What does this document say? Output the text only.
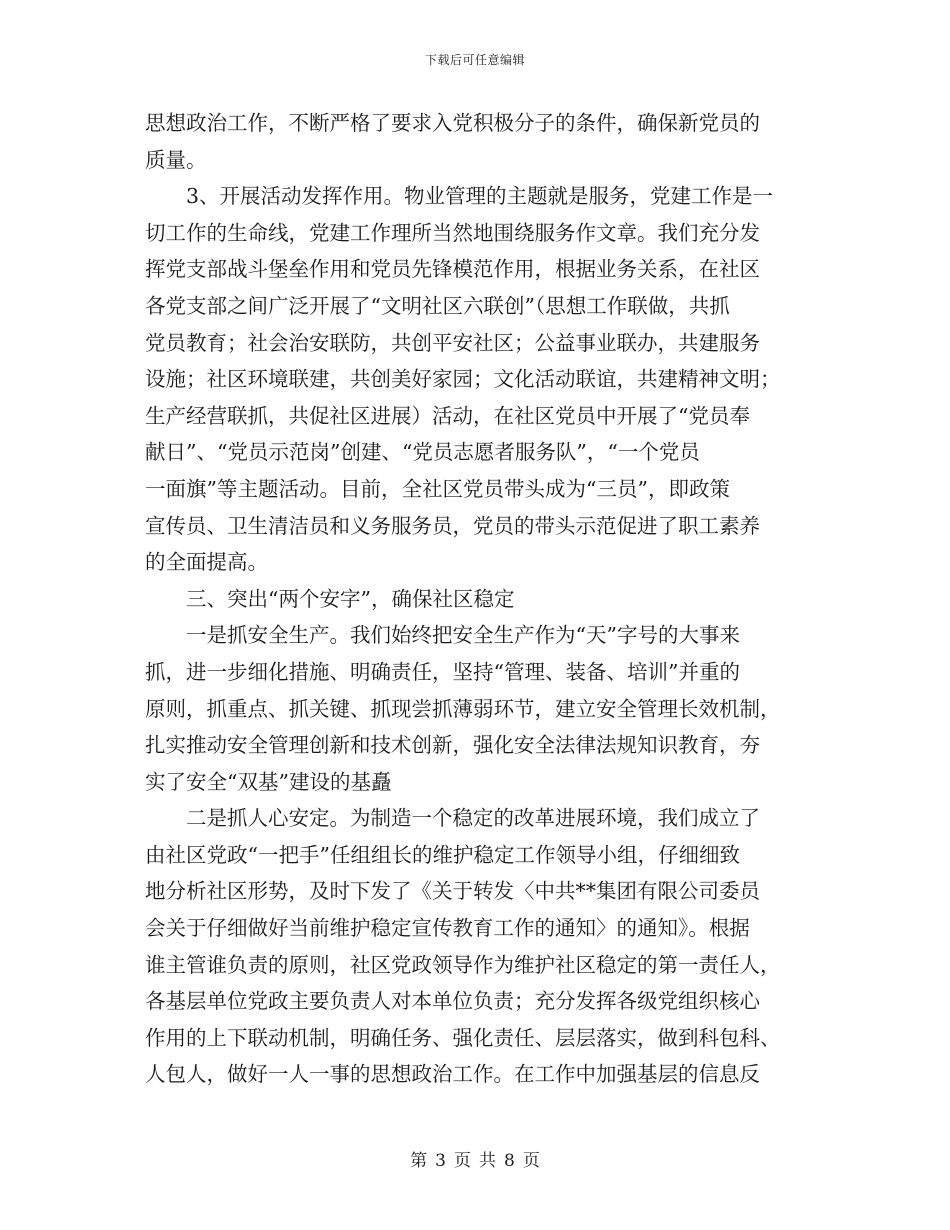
下载后可任意编辑
思想政治工作，不断严格了要求入党积极分子的条件，确保新党员的
质量。
3、开展活动发挥作用。物业管理的主题就是服务，党建工作是一
切工作的生命线，党建工作理所当然地围绕服务作文章。我们充分发
挥党支部战斗堡垒作用和党员先锋模范作用，根据业务关系，在社区
各党支部之间广泛开展了“文明社区六联创”（思想工作联做，共抓
党员教育；社会治安联防，共创平安社区；公益事业联办，共建服务
设施；社区环境联建，共创美好家园；文化活动联谊，共建精神文明；
生产经营联抓，共促社区进展）活动，在社区党员中开展了“党员奉
献日”、“党员示范岗”创建、“党员志愿者服务队”，“一个党员
一面旗”等主题活动。目前，全社区党员带头成为“三员”，即政策
宣传员、卫生清洁员和义务服务员，党员的带头示范促进了职工素养
的全面提高。
三、突出“两个安字”，确保社区稳定
一是抓安全生产。我们始终把安全生产作为“天”字号的大事来
抓，进一步细化措施、明确责任，坚持“管理、装备、培训”并重的
原则，抓重点、抓关键、抓现尝抓薄弱环节，建立安全管理长效机制，
扎实推动安全管理创新和技术创新，强化安全法律法规知识教育，夯
实了安全“双基”建设的基矗
二是抓人心安定。为制造一个稳定的改革进展环境，我们成立了
由社区党政“一把手”任组组长的维护稳定工作领导小组，仔细细致
地分析社区形势，及时下发了《关于转发〈中共**集团有限公司委员
会关于仔细做好当前维护稳定宣传教育工作的通知〉的通知》。根据
谁主管谁负责的原则，社区党政领导作为维护社区稳定的第一责任人，
各基层单位党政主要负责人对本单位负责；充分发挥各级党组织核心
作用的上下联动机制，明确任务、强化责任、层层落实，做到科包科、
人包人，做好一人一事的思想政治工作。在工作中加强基层的信息反
第 3 页 共 8 页
